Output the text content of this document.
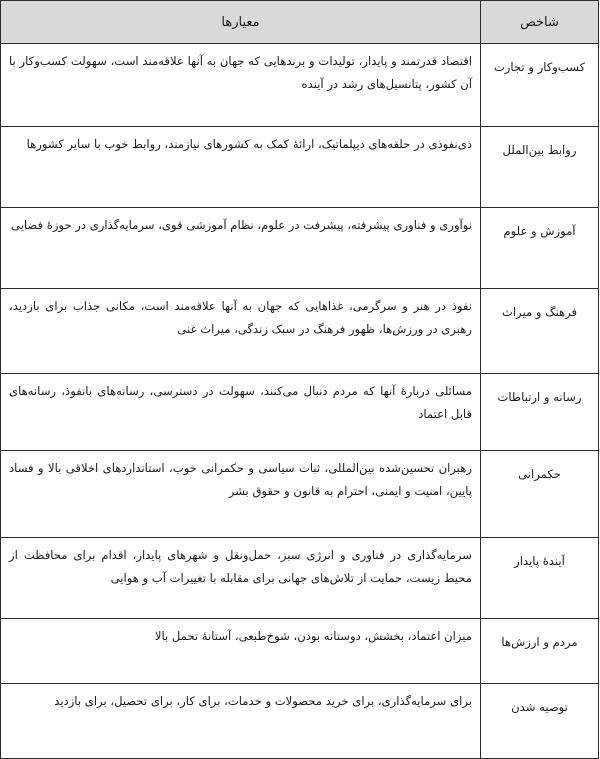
شاخص	معیارها
کسب‌وکار و تجارت	اقتصاد قدرتمند و پایدار، تولیدات و برندهایی که جهان به آنها علاقه‌مند است، سهولت کسب‌وکار با آن کشور، پتانسیل‌های رشد در آینده
روابط بین‌الملل	ذی‌نفوذی در حلقه‌های دیپلماتیک، ارائهٔ کمک به کشورهای نیازمند، روابط خوب با سایر کشورها
آموزش و علوم	نوآوری و فناوری پیشرفته، پیشرفت در علوم، نظام آموزشی قوی، سرمایه‌گذاری در حوزهٔ فضایی
فرهنگ و میراث	نفوذ در هنر و سرگرمی، غذاهایی که جهان به آنها علاقه‌مند است، مکانی جذاب برای بازدید، رهبری در ورزش‌ها، ظهور فرهنگ در سبک زندگی، میراث غنی
رسانه و ارتباطات	مسائلی دربارهٔ آنها که مردم دنبال می‌کنند، سهولت در دسترسی، رسانه‌های بانفوذ، رسانه‌های قابل اعتماد
حکمرانی	رهبران تحسین‌شده بین‌المللی، ثبات سیاسی و حکمرانی خوب، استانداردهای اخلاقی بالا و فساد پایین، امنیت و ایمنی، احترام به قانون و حقوق بشر
آیندهٔ پایدار	سرمایه‌گذاری در فناوری و انرژی سبز، حمل‌ونقل و شهرهای پایدار، اقدام برای محافظت از محیط زیست، حمایت از تلاش‌های جهانی برای مقابله با تغییرات آب و هوایی
مردم و ارزش‌ها	میزان اعتماد، بخشش، دوستانه بودن، شوخ‌طبعی، آستانهٔ تحمل بالا
توصیه شدن	برای سرمایه‌گذاری، برای خرید محصولات و خدمات، برای کار، برای تحصیل، برای بازدید
